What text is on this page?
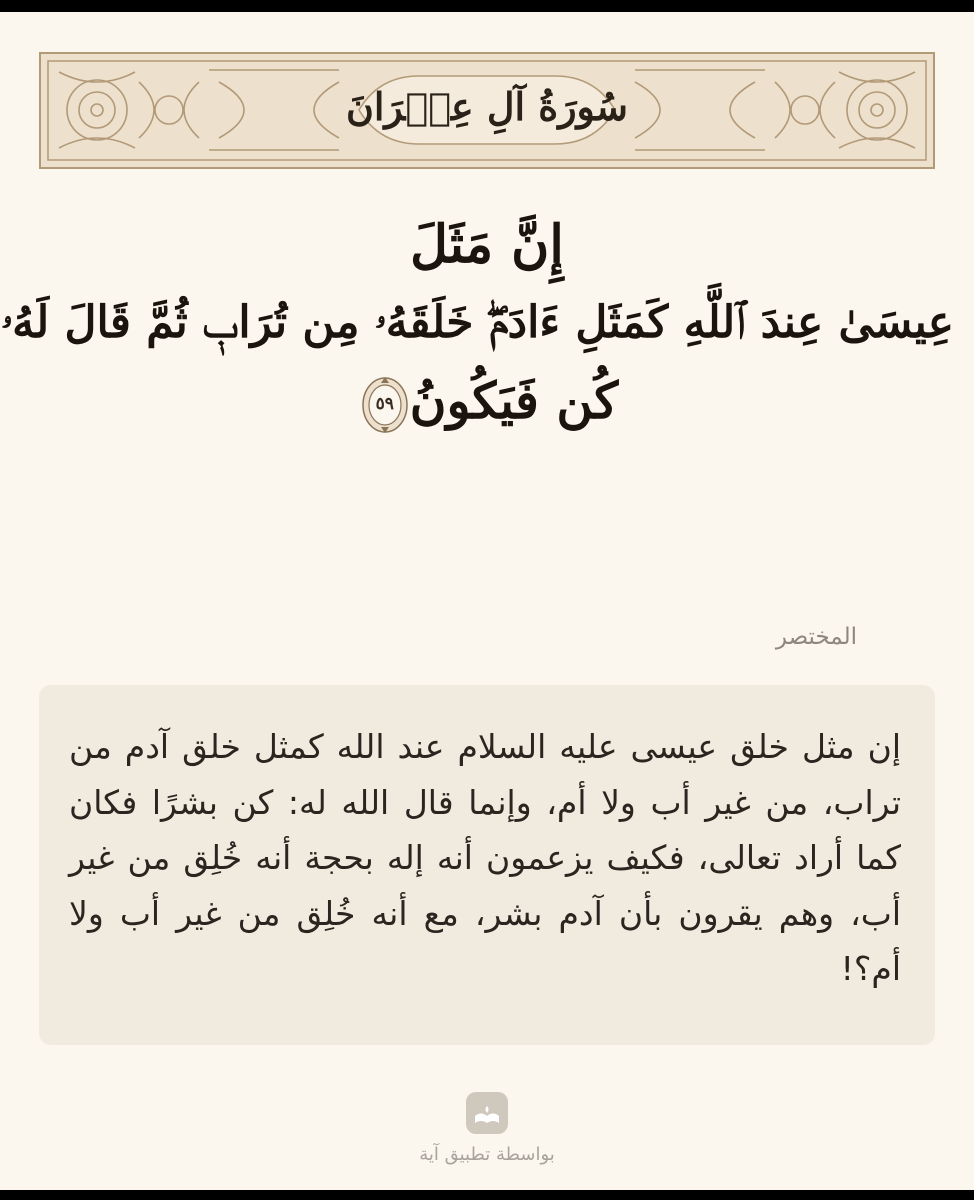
سُورَةُ آلِ عِمۡرَانَ
إِنَّ مَثَلَ
عِيسَىٰ عِندَ ٱللَّهِ كَمَثَلِ ءَادَمَۖ خَلَقَهُۥ مِن تُرَابٖ ثُمَّ قَالَ لَهُۥ
كُن فَيَكُونُ
٥٩
المختصر

إن مثل خلق عيسى عليه السلام عند الله كمثل خلق آدم من تراب، من غير أب ولا أم، وإنما قال الله له: كن بشرًا فكان كما أراد تعالى، فكيف يزعمون أنه إله بحجة أنه خُلِق من غير أب، وهم يقرون بأن آدم بشر، مع أنه خُلِق من غير أب ولا أم؟!

بواسطة تطبيق آية
